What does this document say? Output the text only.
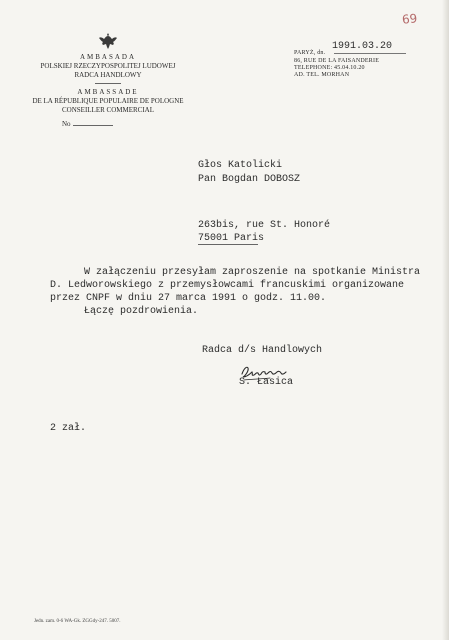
69
AMBASADA
POLSKIEJ RZECZYPOSPOLITEJ LUDOWEJ
RADCA HANDLOWY
AMBASSADE
DE LA RÉPUBLIQUE POPULAIRE DE POLOGNE
CONSEILLER COMMERCIAL
No
1991.03.20
PARYŻ, dn.
86, RUE DE LA FAISANDERIE
TELEPHONE: 45.04.10.20
AD. TEL. MORHAN
Głos Katolicki
Pan Bogdan DOBOSZ
263bis, rue St. Honoré
75001 Paris
W załączeniu przesyłam zaproszenie na spotkanie Ministra
D. Ledworowskiego z przemysłowcami francuskimi organizowane
przez CNPF w dniu 27 marca 1991 o godz. 11.00.
Łączę pozdrowienia.
Radca d/s Handlowych
S. Łasica
2 zał.
Jedn. zam. 0-6 WA-Gk. ZGGdy-247. 5007.
